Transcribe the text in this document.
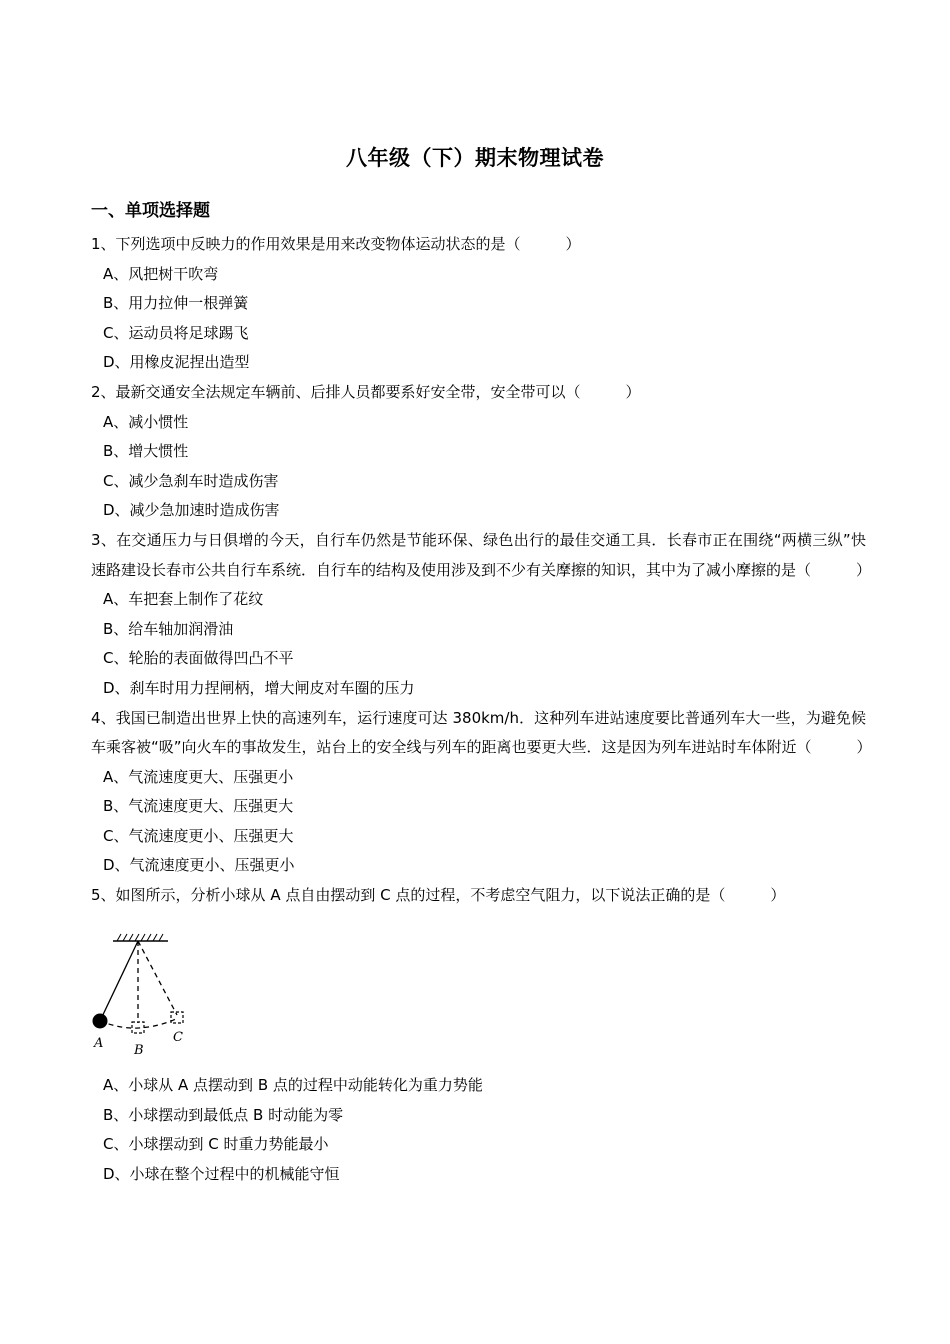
八年级（下）期末物理试卷
一、单项选择题

1、下列选项中反映力的作用效果是用来改变物体运动状态的是（　　　）

A、风把树干吹弯

B、用力拉伸一根弹簧

C、运动员将足球踢飞

D、用橡皮泥捏出造型

2、最新交通安全法规定车辆前、后排人员都要系好安全带，安全带可以（　　　）

A、减小惯性

B、增大惯性

C、减少急刹车时造成伤害

D、减少急加速时造成伤害

3、在交通压力与日俱增的今天，自行车仍然是节能环保、绿色出行的最佳交通工具．长春市正在围绕“两横三纵”快速路建设长春市公共自行车系统．自行车的结构及使用涉及到不少有关摩擦的知识，其中为了减小摩擦的是（　　　）

A、车把套上制作了花纹

B、给车轴加润滑油

C、轮胎的表面做得凹凸不平

D、刹车时用力捏闸柄，增大闸皮对车圈的压力

4、我国已制造出世界上快的高速列车，运行速度可达 380km/h．这种列车进站速度要比普通列车大一些，为避免候车乘客被“吸”向火车的事故发生，站台上的安全线与列车的距离也要更大些．这是因为列车进站时车体附近（　　　）

A、气流速度更大、压强更小

B、气流速度更大、压强更大

C、气流速度更小、压强更大

D、气流速度更小、压强更小

5、如图所示，分析小球从 A 点自由摆动到 C 点的过程，不考虑空气阻力，以下说法正确的是（　　　）

A B
C

A、小球从 A 点摆动到 B 点的过程中动能转化为重力势能

B、小球摆动到最低点 B 时动能为零

C、小球摆动到 C 时重力势能最小

D、小球在整个过程中的机械能守恒
